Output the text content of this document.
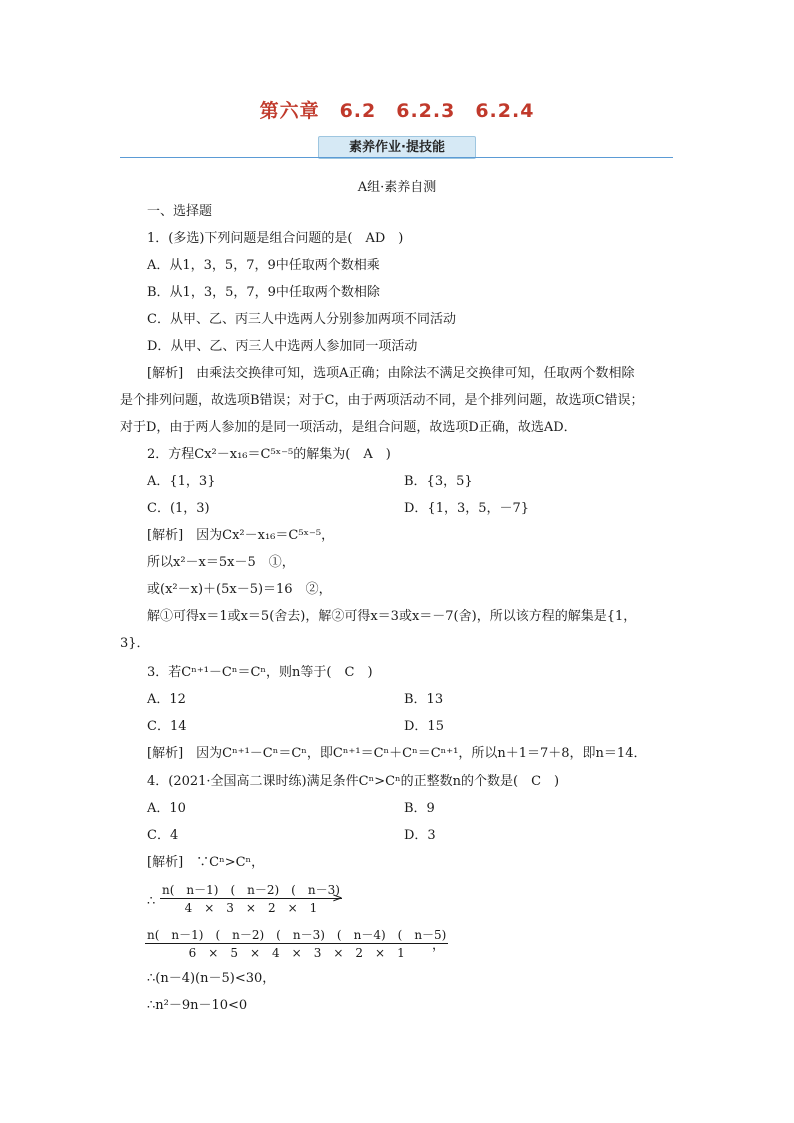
第六章　6.2　6.2.3　6.2.4
素养作业·提技能
A组·素养自测
一、选择题
1．(多选)下列问题是组合问题的是(　AD　)
A．从1，3，5，7，9中任取两个数相乘
B．从1，3，5，7，9中任取两个数相除
C．从甲、乙、丙三人中选两人分别参加两项不同活动
D．从甲、乙、丙三人中选两人参加同一项活动
[解析]　由乘法交换律可知，选项A正确；由除法不满足交换律可知，任取两个数相除
是个排列问题，故选项B错误；对于C，由于两项活动不同，是个排列问题，故选项C错误；
对于D，由于两人参加的是同一项活动，是组合问题，故选项D正确，故选AD．
2．方程Cx²－x₁₆＝C⁵ˣ⁻⁵的解集为(　A　)
A．{1，3}	B．{3，5}
C．(1，3)	D．{1，3，5，－7}
[解析]　因为Cx²－x₁₆＝C⁵ˣ⁻⁵，
所以x²－x＝5x－5　①，
或(x²－x)＋(5x－5)＝16　②，
解①可得x＝1或x＝5(舍去)，解②可得x＝3或x＝－7(舍)，所以该方程的解集是{1，
3}．
3．若Cⁿ⁺¹－Cⁿ＝Cⁿ，则n等于(　C　)
A．12	B．13
C．14	D．15
[解析]　因为Cⁿ⁺¹－Cⁿ＝Cⁿ，即Cⁿ⁺¹＝Cⁿ＋Cⁿ＝Cⁿ⁺¹，所以n＋1＝7＋8，即n＝14．
4．(2021·全国高二课时练)满足条件Cⁿ>Cⁿ的正整数n的个数是(　C　)
A．10	B．9
C．4	D．3
[解析]　∵Cⁿ>Cⁿ，
∴ $\frac{n( n-1) ( n-2) ( n-3)}{4 \times 3 \times 2 \times 1}$
>
$\frac{n( n-1) ( n-2) ( n-3) ( n-4) ( n-5)}{6 \times 5 \times 4 \times 3 \times 2 \times 1}$
，
∴(n－4)(n－5)<30，
∴n²－9n－10<0
